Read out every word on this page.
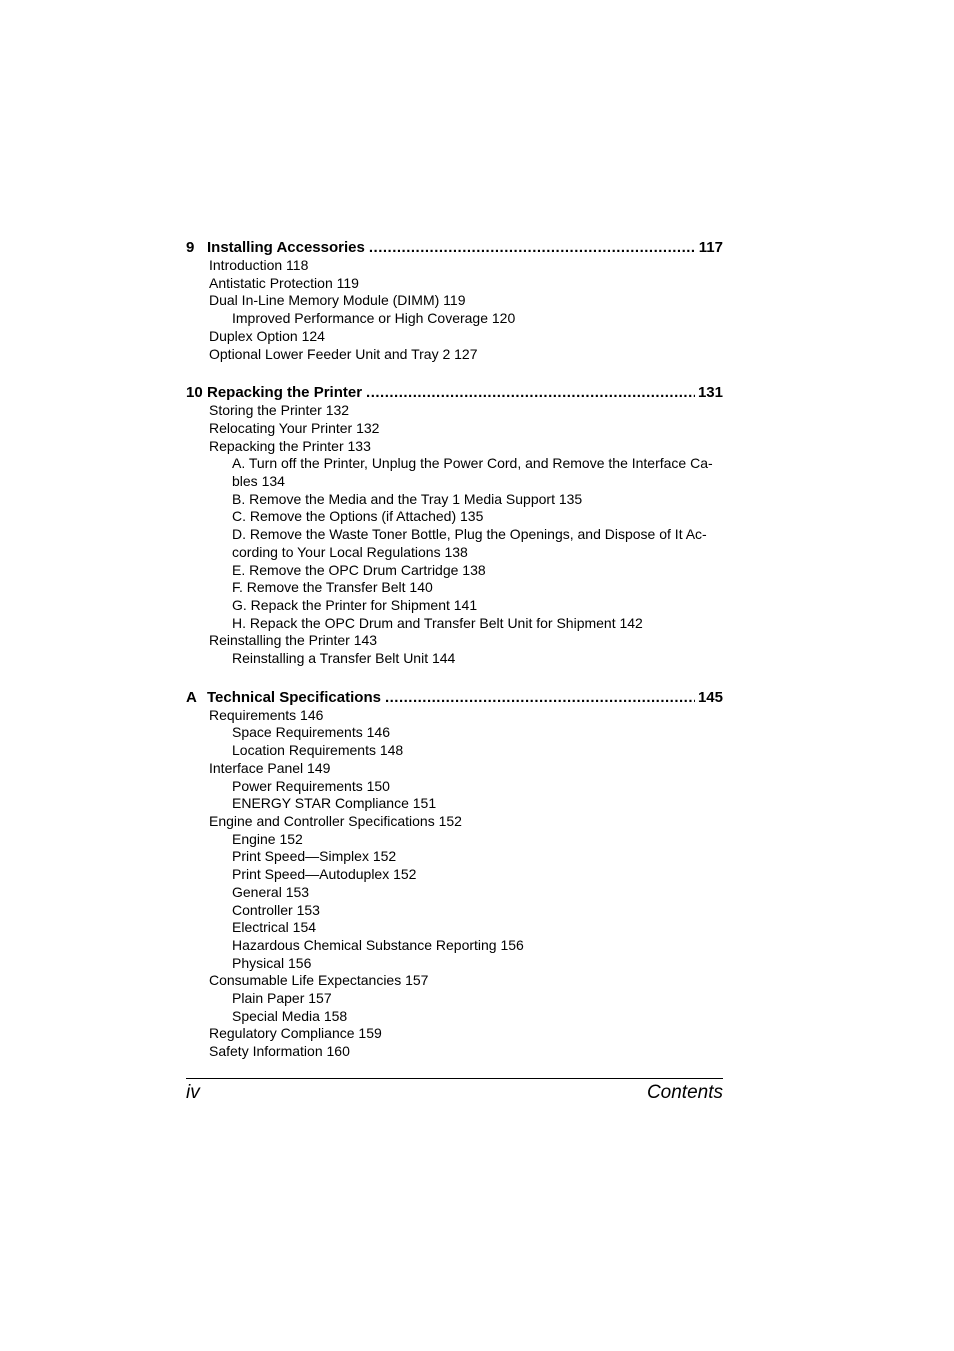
9 Installing Accessories .....	117
Introduction 118
Antistatic Protection 119
Dual In-Line Memory Module (DIMM) 119
Improved Performance or High Coverage 120
Duplex Option 124
Optional Lower Feeder Unit and Tray 2 127
10 Repacking the Printer .....	131
Storing the Printer 132
Relocating Your Printer 132
Repacking the Printer 133
A. Turn off the Printer, Unplug the Power Cord, and Remove the Interface Ca-
bles 134
B. Remove the Media and the Tray 1 Media Support 135
C. Remove the Options (if Attached) 135
D. Remove the Waste Toner Bottle, Plug the Openings, and Dispose of It Ac-
cording to Your Local Regulations 138
E. Remove the OPC Drum Cartridge 138
F. Remove the Transfer Belt 140
G. Repack the Printer for Shipment 141
H. Repack the OPC Drum and Transfer Belt Unit for Shipment 142
Reinstalling the Printer 143
Reinstalling a Transfer Belt Unit 144
A Technical Specifications .....	145
Requirements 146
Space Requirements 146
Location Requirements 148
Interface Panel 149
Power Requirements 150
ENERGY STAR Compliance 151
Engine and Controller Specifications 152
Engine 152
Print Speed—Simplex 152
Print Speed—Autoduplex 152
General 153
Controller 153
Electrical 154
Hazardous Chemical Substance Reporting 156
Physical 156
Consumable Life Expectancies 157
Plain Paper 157
Special Media 158
Regulatory Compliance 159
Safety Information 160
iv	Contents
